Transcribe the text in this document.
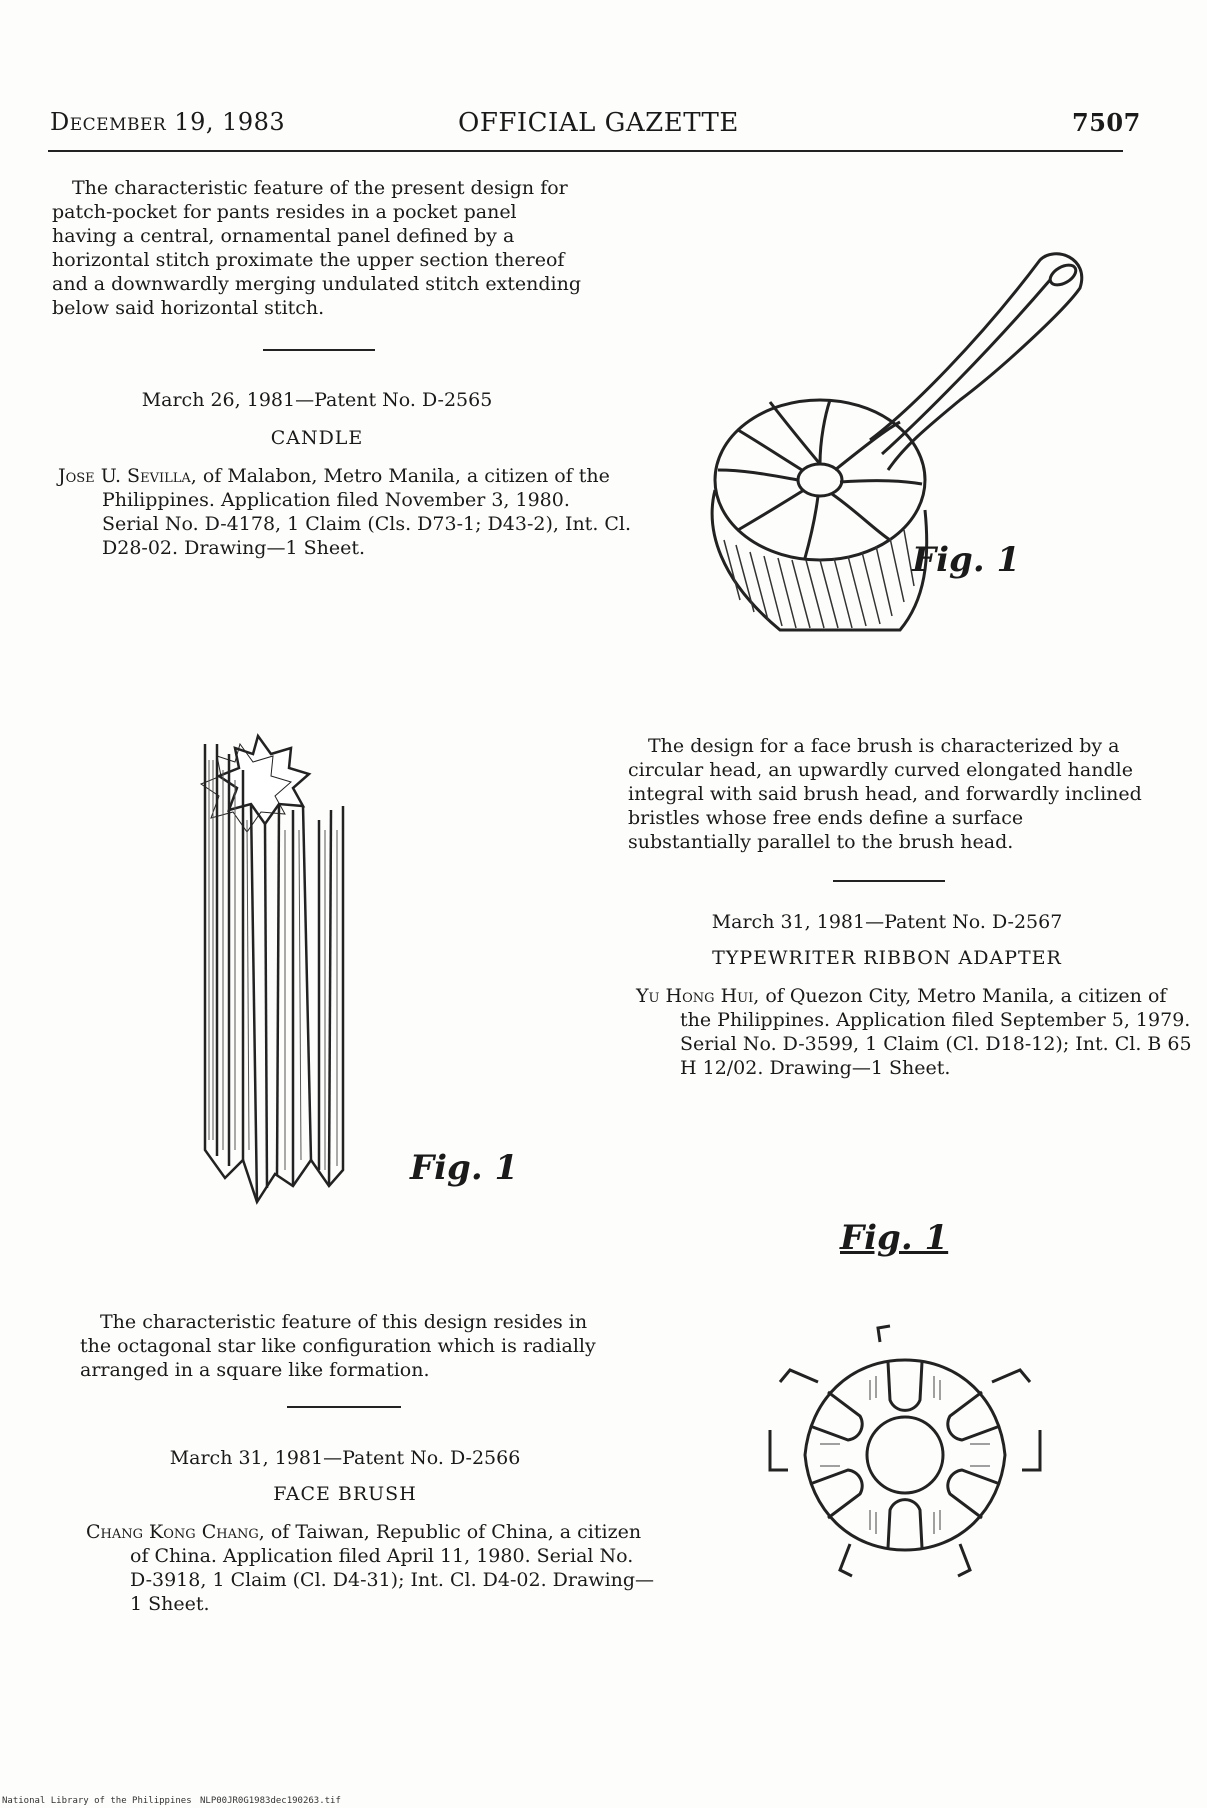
December 19, 1983	OFFICIAL GAZETTE	7507
The characteristic feature of the present design for patch-pocket for pants resides in a pocket panel having a central, ornamental panel defined by a horizontal stitch proximate the upper section thereof and a downwardly merging undulated stitch extending below said horizontal stitch.
March 26, 1981—Patent No. D-2565
CANDLE
Jose U. Sevilla, of Malabon, Metro Manila, a citizen of the Philippines. Application filed November 3, 1980. Serial No. D-4178, 1 Claim (Cls. D73-1; D43-2), Int. Cl. D28-02. Drawing—1 Sheet.
Fig. 1
The characteristic feature of this design resides in the octagonal star like configuration which is radially arranged in a square like formation.
March 31, 1981—Patent No. D-2566
FACE BRUSH
Chang Kong Chang, of Taiwan, Republic of China, a citizen of China. Application filed April 11, 1980. Serial No. D-3918, 1 Claim (Cl. D4-31); Int. Cl. D4-02. Drawing—1 Sheet.
Fig. 1
The design for a face brush is characterized by a circular head, an upwardly curved elongated handle integral with said brush head, and forwardly inclined bristles whose free ends define a surface substantially parallel to the brush head.
March 31, 1981—Patent No. D-2567
TYPEWRITER RIBBON ADAPTER
Yu Hong Hui, of Quezon City, Metro Manila, a citizen of the Philippines. Application filed September 5, 1979. Serial No. D-3599, 1 Claim (Cl. D18-12); Int. Cl. B 65 H 12/02. Drawing—1 Sheet.
Fig. 1
National Library of the Philippines NLP00JR0G1983dec190263.tif
